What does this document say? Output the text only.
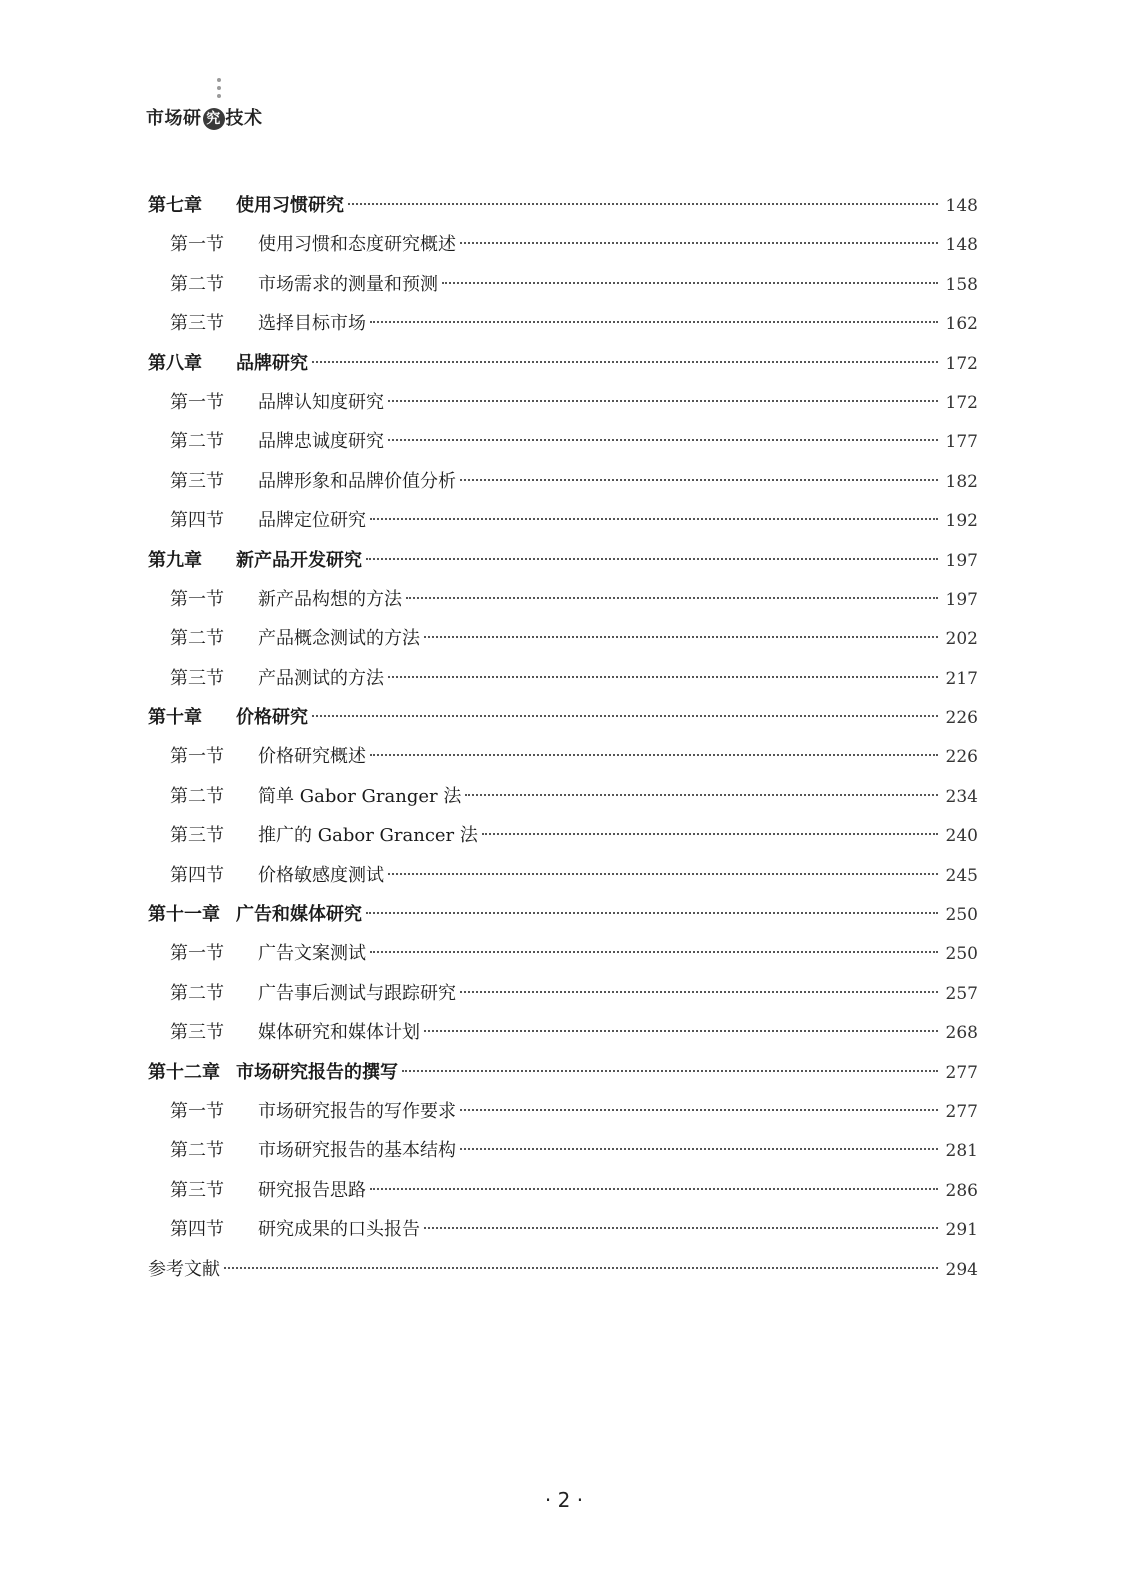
市场研 究 技术
第七章	使用习惯研究	148
第一节	使用习惯和态度研究概述	148
第二节	市场需求的测量和预测	158
第三节	选择目标市场	162
第八章	品牌研究	172
第一节	品牌认知度研究	172
第二节	品牌忠诚度研究	177
第三节	品牌形象和品牌价值分析	182
第四节	品牌定位研究	192
第九章	新产品开发研究	197
第一节	新产品构想的方法	197
第二节	产品概念测试的方法	202
第三节	产品测试的方法	217
第十章	价格研究	226
第一节	价格研究概述	226
第二节	简单 Gabor Granger 法	234
第三节	推广的 Gabor Grancer 法	240
第四节	价格敏感度测试	245
第十一章 广告和媒体研究	250
第一节	广告文案测试	250
第二节	广告事后测试与跟踪研究	257
第三节	媒体研究和媒体计划	268
第十二章 市场研究报告的撰写	277
第一节	市场研究报告的写作要求	277
第二节	市场研究报告的基本结构	281
第三节	研究报告思路	286
第四节	研究成果的口头报告	291
参考文献	294
· 2 ·
